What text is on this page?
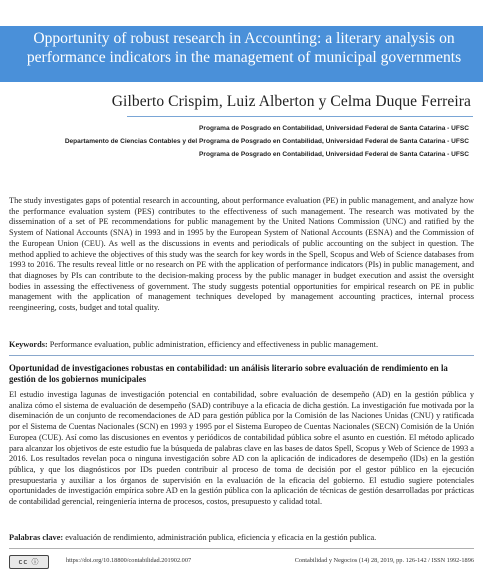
Opportunity of robust research in Accounting: a literary analysis on
performance indicators in the management of municipal governments
Gilberto Crispim, Luiz Alberton y Celma Duque Ferreira
Programa de Posgrado en Contabilidad, Universidad Federal de Santa Catarina - UFSC
Departamento de Ciencias Contables y del Programa de Posgrado en Contabilidad, Universidad Federal de Santa Catarina - UFSC
Programa de Posgrado en Contabilidad, Universidad Federal de Santa Catarina - UFSC

The study investigates gaps of potential research in accounting, about performance evaluation (PE) in public management, and analyze how the performance evaluation system (PES) contributes to the effectiveness of such management. The research was motivated by the dissemination of a set of PE recommendations for public management by the United Nations Commission (UNC) and ratified by the System of National Accounts (SNA) in 1993 and in 1995 by the European System of National Accounts (ESNA) and the Commission of the European Union (CEU). As well as the discussions in events and periodicals of public accounting on the subject in question. The method applied to achieve the objectives of this study was the search for key words in the Spell, Scopus and Web of Science databases from 1993 to 2016. The results reveal little or no research on PE with the application of performance indicators (PIs) in public management, and that diagnoses by PIs can contribute to the decision-making process by the public manager in budget execution and assist the oversight bodies in assessing the effectiveness of government. The study suggests potential opportunities for empirical research on PE in public management with the application of management techniques developed by management accounting practices, internal process reengineering, costs, budget and total quality.

Keywords: Performance evaluation, public administration, efficiency and effectiveness in public management.

Oportunidad de investigaciones robustas en contabilidad: un análisis literario sobre evaluación de rendimiento en la gestión de los gobiernos municipales

El estudio investiga lagunas de investigación potencial en contabilidad, sobre evaluación de desempeño (AD) en la gestión pública y analiza cómo el sistema de evaluación de desempeño (SAD) contribuye a la eficacia de dicha gestión. La investigación fue motivada por la diseminación de un conjunto de recomendaciones de AD para gestión pública por la Comisión de las Naciones Unidas (CNU) y ratificada por el Sistema de Cuentas Nacionales (SCN) en 1993 y 1995 por el Sistema Europeo de Cuentas Nacionales (SECN) Comisión de la Unión Europea (CUE). Así como las discusiones en eventos y periódicos de contabilidad pública sobre el asunto en cuestión. El método aplicado para alcanzar los objetivos de este estudio fue la búsqueda de palabras clave en las bases de datos Spell, Scopus y Web of Science de 1993 a 2016. Los resultados revelan poca o ninguna investigación sobre AD con la aplicación de indicadores de desempeño (IDs) en la gestión pública, y que los diagnósticos por IDs pueden contribuir al proceso de toma de decisión por el gestor público en la ejecución presupuestaria y auxiliar a los órganos de supervisión en la evaluación de la eficacia del gobierno. El estudio sugiere potenciales oportunidades de investigación empírica sobre AD en la gestión pública con la aplicación de técnicas de gestión desarrolladas por prácticas de contabilidad gerencial, reingeniería interna de procesos, costos, presupuesto y calidad total.

Palabras clave: evaluación de rendimiento, administración publica, eficiencia y eficacia en la gestión publica.

cc ⓘ	https://doi.org/10.18800/contabilidad.201902.007	Contabilidad y Negocios (14) 28, 2019, pp. 126-142 / ISSN 1992-1896
